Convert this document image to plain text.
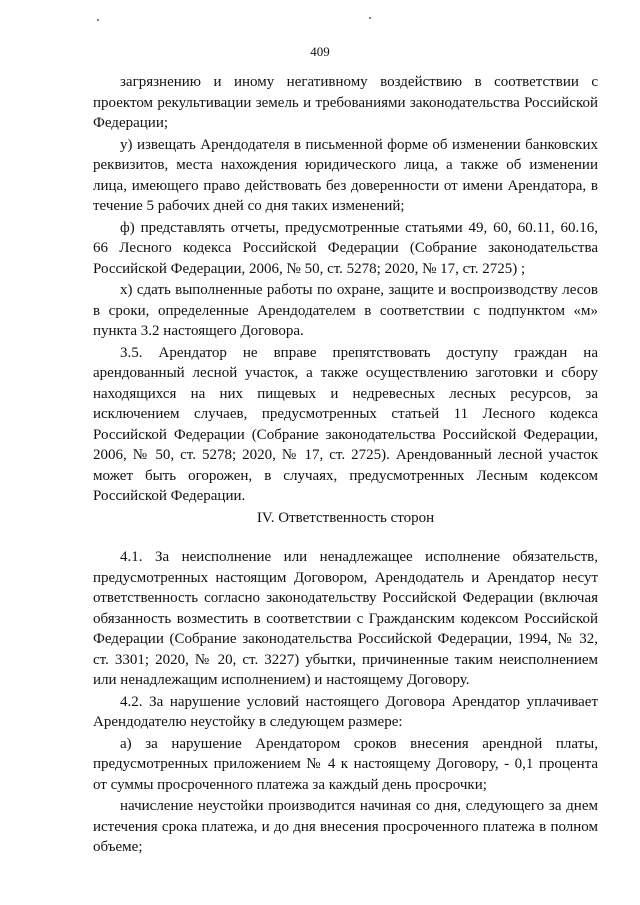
409

загрязнению и иному негативному воздействию в соответствии с проектом рекультивации земель и требованиями законодательства Российской Федерации;

у) извещать Арендодателя в письменной форме об изменении банковских реквизитов, места нахождения юридического лица, а также об изменении лица, имеющего право действовать без доверенности от имени Арендатора, в течение 5 рабочих дней со дня таких изменений;

ф) представлять отчеты, предусмотренные статьями 49, 60, 60.11, 60.16, 66 Лесного кодекса Российской Федерации (Собрание законодательства Российской Федерации, 2006, № 50, ст. 5278; 2020, № 17, ст. 2725) ;

х) сдать выполненные работы по охране, защите и воспроизводству лесов в сроки, определенные Арендодателем в соответствии с подпунктом «м» пункта 3.2 настоящего Договора.

3.5. Арендатор не вправе препятствовать доступу граждан на арендованный лесной участок, а также осуществлению заготовки и сбору находящихся на них пищевых и недревесных лесных ресурсов, за исключением случаев, предусмотренных статьей 11 Лесного кодекса Российской Федерации (Собрание законодательства Российской Федерации, 2006, № 50, ст. 5278; 2020, № 17, ст. 2725). Арендованный лесной участок может быть огорожен, в случаях, предусмотренных Лесным кодексом Российской Федерации.

IV. Ответственность сторон

4.1. За неисполнение или ненадлежащее исполнение обязательств, предусмотренных настоящим Договором, Арендодатель и Арендатор несут ответственность согласно законодательству Российской Федерации (включая обязанность возместить в соответствии с Гражданским кодексом Российской Федерации (Собрание законодательства Российской Федерации, 1994, № 32, ст. 3301; 2020, № 20, ст. 3227) убытки, причиненные таким неисполнением или ненадлежащим исполнением) и настоящему Договору.

4.2. За нарушение условий настоящего Договора Арендатор уплачивает Арендодателю неустойку в следующем размере:

а) за нарушение Арендатором сроков внесения арендной платы, предусмотренных приложением № 4 к настоящему Договору, - 0,1 процента от суммы просроченного платежа за каждый день просрочки;

начисление неустойки производится начиная со дня, следующего за днем истечения срока платежа, и до дня внесения просроченного платежа в полном объеме;
